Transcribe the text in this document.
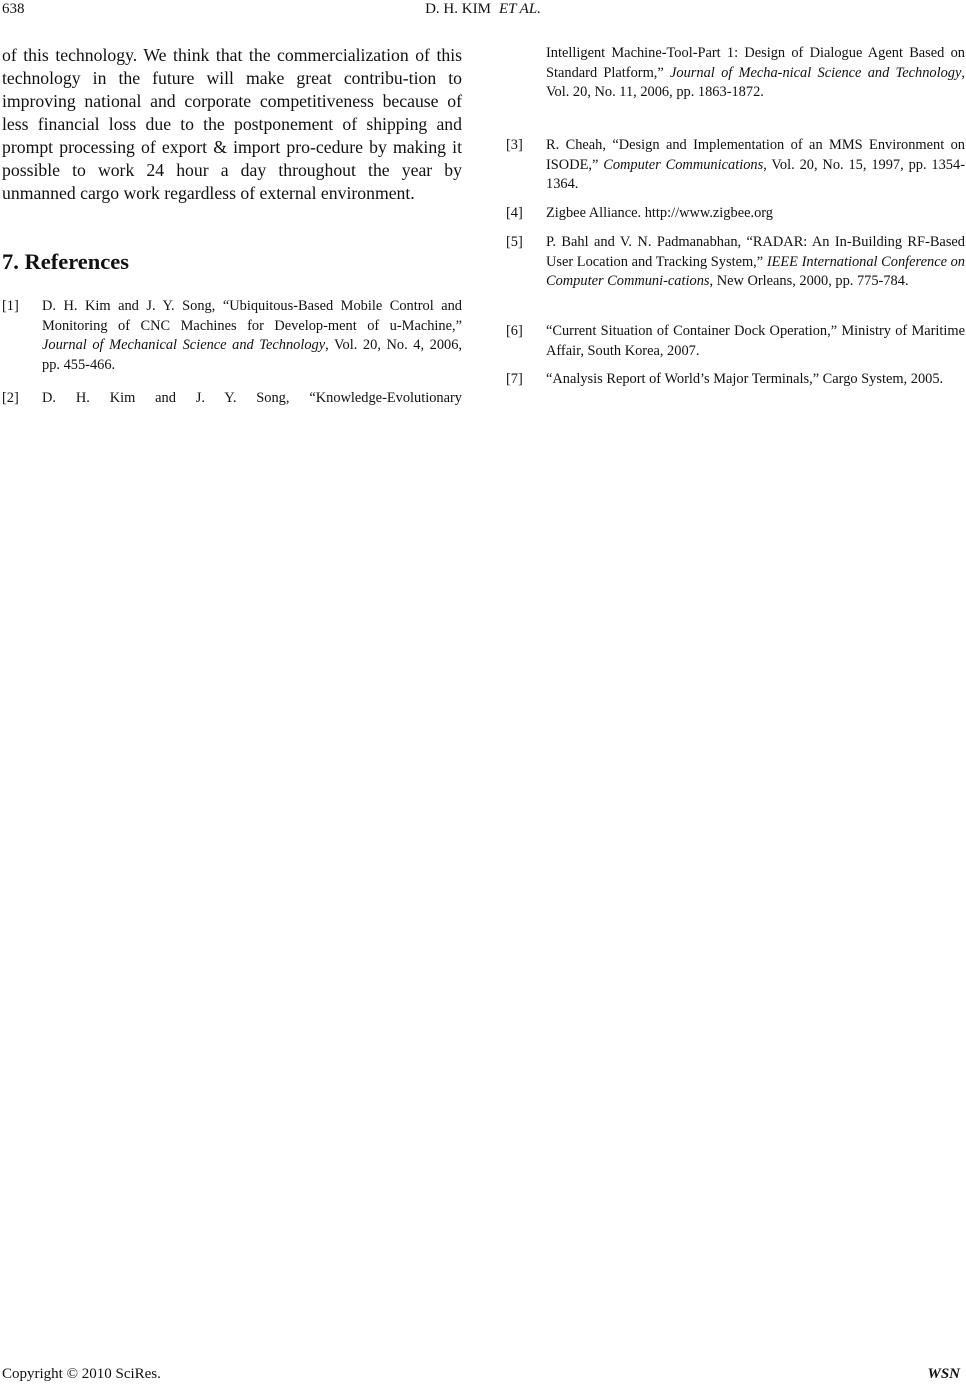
638	D. H. KIM ET AL.

of this technology. We think that the commercialization of this technology in the future will make great contribu-tion to improving national and corporate competitiveness because of less financial loss due to the postponement of shipping and prompt processing of export & import pro-cedure by making it possible to work 24 hour a day throughout the year by unmanned cargo work regardless of external environment.

7. References
[1] D. H. Kim and J. Y. Song, “Ubiquitous-Based Mobile Control and Monitoring of CNC Machines for Develop-ment of u-Machine,” Journal of Mechanical Science and Technology, Vol. 20, No. 4, 2006, pp. 455-466.
[2] D. H. Kim and J. Y. Song, “Knowledge-Evolutionary
Intelligent Machine-Tool-Part 1: Design of Dialogue Agent Based on Standard Platform,” Journal of Mecha-nical Science and Technology, Vol. 20, No. 11, 2006, pp. 1863-1872.
[3] R. Cheah, “Design and Implementation of an MMS Environment on ISODE,” Computer Communications, Vol. 20, No. 15, 1997, pp. 1354-1364.
[4] Zigbee Alliance. http://www.zigbee.org
[5] P. Bahl and V. N. Padmanabhan, “RADAR: An In-Building RF-Based User Location and Tracking System,” IEEE International Conference on Computer Communi-cations, New Orleans, 2000, pp. 775-784.
[6] “Current Situation of Container Dock Operation,” Ministry of Maritime Affair, South Korea, 2007.
[7] “Analysis Report of World’s Major Terminals,” Cargo System, 2005.
Copyright © 2010 SciRes.	WSN
